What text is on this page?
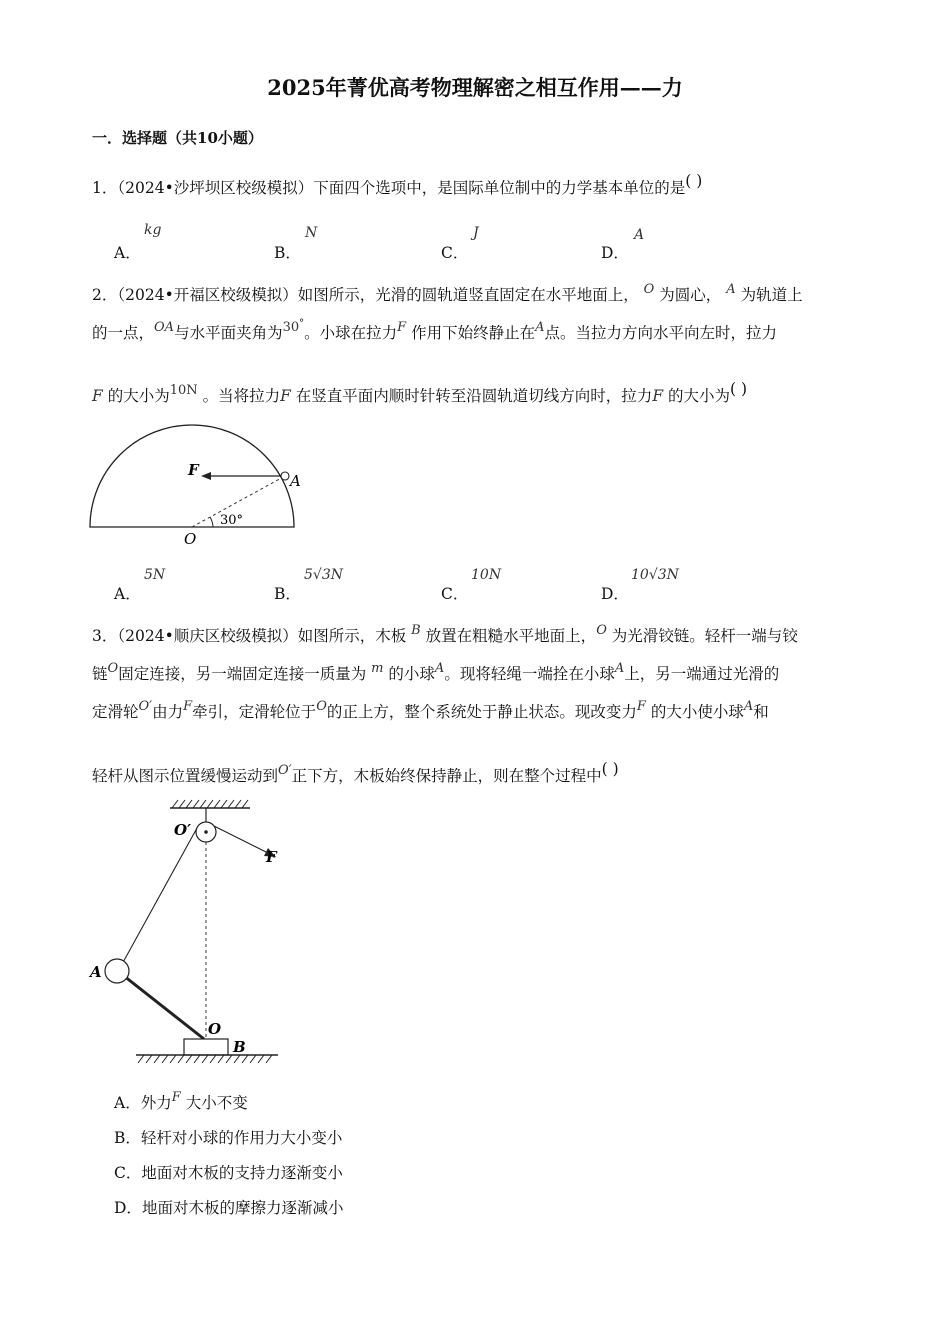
2025年菁优高考物理解密之相互作用——力
一．选择题（共10小题）
1．（2024•沙坪坝区校级模拟）下面四个选项中，是国际单位制中的力学基本单位的是( )
A．
kg
B．
N
C．
J
D．
A
2．（2024•开福区校级模拟）如图所示，光滑的圆轨道竖直固定在水平地面上， $^O$ 为圆心， $^A$ 为轨道上
的一点，$^{OA}$与水平面夹角为$^{30^\circ}$。小球在拉力$^F$ 作用下始终静止在$^A$点。当拉力方向水平向左时，拉力
F 的大小为$^{10N}$ 。当将拉力F 在竖直平面内顺时针转至沿圆轨道切线方向时，拉力F 的大小为( )
F
A
O
30°
A．
5N
B．
5√3N
C．
10N
D．
10√3N
3．（2024•顺庆区校级模拟）如图所示，木板 $^B$ 放置在粗糙水平地面上，$^O$ 为光滑铰链。轻杆一端与铰
链$^O$固定连接，另一端固定连接一质量为 $^m$ 的小球$^A$。现将轻绳一端拴在小球$^A$上，另一端通过光滑的
定滑轮$^{O'}$由力$^F$牵引，定滑轮位于$^O$的正上方，整个系统处于静止状态。现改变力$^F$ 的大小使小球$^A$和
轻杆从图示位置缓慢运动到$^{O'}$正下方，木板始终保持静止，则在整个过程中( )
O′
F
A
O
B
A．外力$^F$ 大小不变
B．轻杆对小球的作用力大小变小
C．地面对木板的支持力逐渐变小
D．地面对木板的摩擦力逐渐减小
